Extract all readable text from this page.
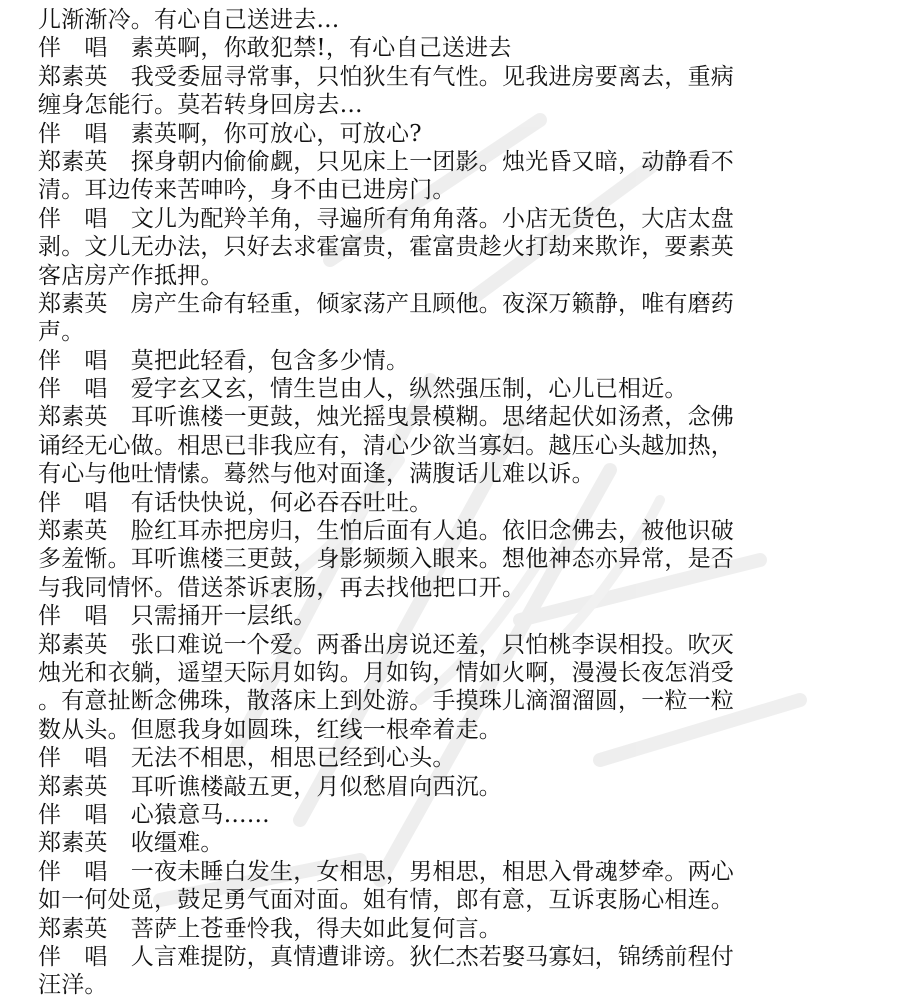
儿渐渐冷。有心自己送进去…
伴　唱　素英啊，你敢犯禁!，有心自己送进去
郑素英　我受委屈寻常事，只怕狄生有气性。见我进房要离去，重病
缠身怎能行。莫若转身回房去…
伴　唱　素英啊，你可放心，可放心?
郑素英　探身朝内偷偷觑，只见床上一团影。烛光昏又暗，动静看不
清。耳边传来苦呻吟，身不由已进房门。
伴　唱　文儿为配羚羊角，寻遍所有角角落。小店无货色，大店太盘
剥。文儿无办法，只好去求霍富贵，霍富贵趁火打劫来欺诈，要素英
客店房产作抵押。
郑素英　房产生命有轻重，倾家荡产且顾他。夜深万籁静，唯有磨药
声。
伴　唱　莫把此轻看，包含多少情。
伴　唱　爱字玄又玄，情生岂由人，纵然强压制，心儿已相近。
郑素英　耳听谯楼一更鼓，烛光摇曳景模糊。思绪起伏如汤煮，念佛
诵经无心做。相思已非我应有，清心少欲当寡妇。越压心头越加热，
有心与他吐情愫。蓦然与他对面逢，满腹话儿难以诉。
伴　唱　有话快快说，何必吞吞吐吐。
郑素英　脸红耳赤把房归，生怕后面有人追。依旧念佛去，被他识破
多羞惭。耳听谯楼三更鼓，身影频频入眼来。想他神态亦异常，是否
与我同情怀。借送茶诉衷肠，再去找他把口开。
伴　唱　只需捅开一层纸。
郑素英　张口难说一个爱。两番出房说还羞，只怕桃李误相投。吹灭
烛光和衣躺，遥望天际月如钩。月如钩，情如火啊，漫漫长夜怎消受
。有意扯断念佛珠，散落床上到处游。手摸珠儿滴溜溜圆，一粒一粒
数从头。但愿我身如圆珠，红线一根牵着走。
伴　唱　无法不相思，相思已经到心头。
郑素英　耳听谯楼敲五更，月似愁眉向西沉。
伴　唱　心猿意马……
郑素英　收缰难。
伴　唱　一夜未睡白发生，女相思，男相思，相思入骨魂梦牵。两心
如一何处觅，鼓足勇气面对面。姐有情，郎有意，互诉衷肠心相连。
郑素英　菩萨上苍垂怜我，得夫如此复何言。
伴　唱　人言难提防，真情遭诽谤。狄仁杰若娶马寡妇，锦绣前程付
汪洋。
